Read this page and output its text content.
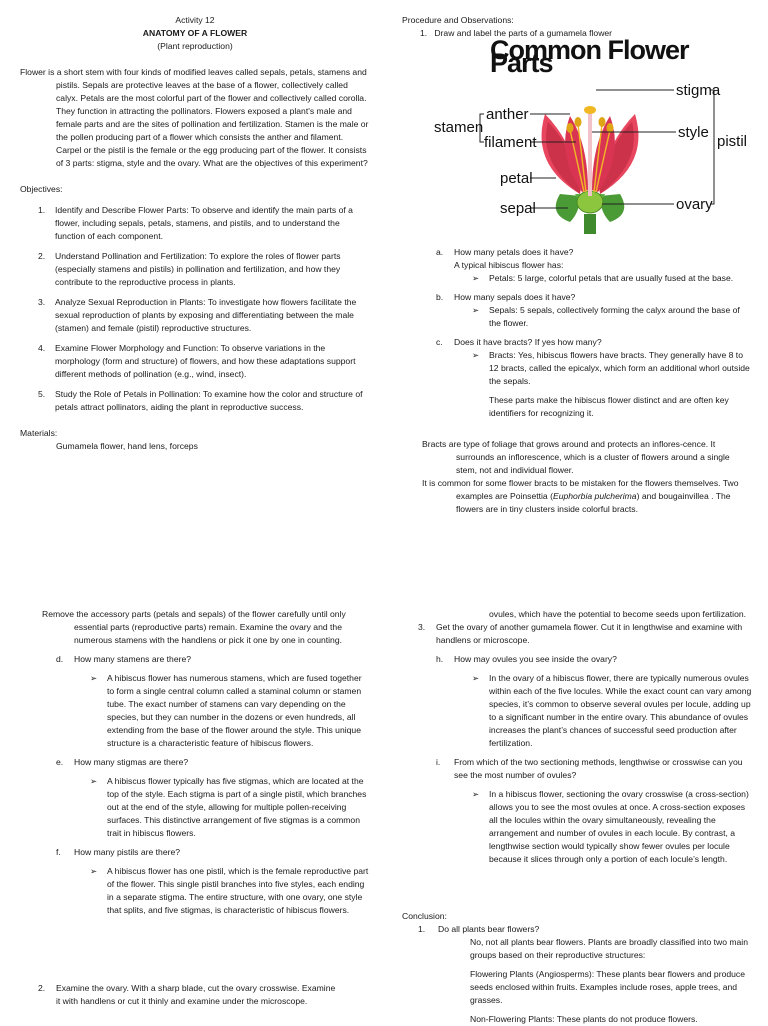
Activity 12
ANATOMY OF A FLOWER
(Plant reproduction)
Flower is a short stem with four kinds of modified leaves called sepals, petals, stamens and pistils. Sepals are protective leaves at the base of a flower, collectively called calyx. Petals are the most colorful part of the flower and collectively called corolla. They function in attracting the pollinators. Flowers exposed a plant's male and female parts and are the sites of pollination and fertilization. Stamen is the male or the pollen producing part of a flower which consists the anther and filament. Carpel or the pistil is the female or the egg producing part of the flower. It consists of 3 parts: stigma, style and the ovary. What are the objectives of this experiment?
Objectives:
1. Identify and Describe Flower Parts: To observe and identify the main parts of a flower, including sepals, petals, stamens, and pistils, and to understand the function of each component.
2. Understand Pollination and Fertilization: To explore the roles of flower parts (especially stamens and pistils) in pollination and fertilization, and how they contribute to the reproductive process in plants.
3. Analyze Sexual Reproduction in Plants: To investigate how flowers facilitate the sexual reproduction of plants by exposing and differentiating between the male (stamen) and female (pistil) reproductive structures.
4. Examine Flower Morphology and Function: To observe variations in the morphology (form and structure) of flowers, and how these adaptations support different methods of pollination (e.g., wind, insect).
5. Study the Role of Petals in Pollination: To examine how the color and structure of petals attract pollinators, aiding the plant in reproductive success.
Materials:
Gumamela flower, hand lens, forceps
Procedure and Observations:
1. Draw and label the parts of a gumamela flower
Common Flower Parts
stigma
style
pistil
ovary
anther
stamen
filament
petal
sepal
a. How many petals does it have?
A typical hibiscus flower has:
➢ Petals: 5 large, colorful petals that are usually fused at the base.
b. How many sepals does it have?
➢ Sepals: 5 sepals, collectively forming the calyx around the base of the flower.
c. Does it have bracts? If yes how many?
➢ Bracts: Yes, hibiscus flowers have bracts. They generally have 8 to 12 bracts, called the epicalyx, which form an additional whorl outside the sepals.
These parts make the hibiscus flower distinct and are often key identifiers for recognizing it.
Bracts are type of foliage that grows around and protects an inflores-cence. It surrounds an inflorescence, which is a cluster of flowers around a single stem, not and individual flower.
It is common for some flower bracts to be mistaken for the flowers themselves. Two examples are Poinsettia (Euphorbia pulcherima) and bougainvillea . The flowers are in tiny clusters inside colorful bracts.
Remove the accessory parts (petals and sepals) of the flower carefully until only essential parts (reproductive parts) remain. Examine the ovary and the numerous stamens with the handlens or pick it one by one in counting.
d. How many stamens are there?
➢ A hibiscus flower has numerous stamens, which are fused together to form a single central column called a staminal column or stamen tube. The exact number of stamens can vary depending on the species, but they can number in the dozens or even hundreds, all extending from the base of the flower around the style. This unique structure is a characteristic feature of hibiscus flowers.
e. How many stigmas are there?
➢ A hibiscus flower typically has five stigmas, which are located at the top of the style. Each stigma is part of a single pistil, which branches out at the end of the style, allowing for multiple pollen-receiving surfaces. This distinctive arrangement of five stigmas is a common trait in hibiscus flowers.
f. How many pistils are there?
➢ A hibiscus flower has one pistil, which is the female reproductive part of the flower. This single pistil branches into five styles, each ending in a separate stigma. The entire structure, with one ovary, one style that splits, and five stigmas, is characteristic of hibiscus flowers.
2. Examine the ovary. With a sharp blade, cut the ovary crosswise. Examine it with handlens or cut it thinly and examine under the microscope.
ovules, which have the potential to become seeds upon fertilization.
3. Get the ovary of another gumamela flower. Cut it in lengthwise and examine with handlens or microscope.
h. How may ovules you see inside the ovary?
➢ In the ovary of a hibiscus flower, there are typically numerous ovules within each of the five locules. While the exact count can vary among species, it’s common to observe several ovules per locule, adding up to a significant number in the entire ovary. This abundance of ovules increases the plant’s chances of successful seed production after fertilization.
i. From which of the two sectioning methods, lengthwise or crosswise can you see the most number of ovules?
➢ In a hibiscus flower, sectioning the ovary crosswise (a cross-section) allows you to see the most ovules at once. A cross-section exposes all the locules within the ovary simultaneously, revealing the arrangement and number of ovules in each locule. By contrast, a lengthwise section would typically show fewer ovules per locule because it slices through only a portion of each locule’s length.
Conclusion:
1. Do all plants bear flowers?
No, not all plants bear flowers. Plants are broadly classified into two main groups based on their reproductive structures:
Flowering Plants (Angiosperms): These plants bear flowers and produce seeds enclosed within fruits. Examples include roses, apple trees, and grasses.
Non-Flowering Plants: These plants do not produce flowers.
